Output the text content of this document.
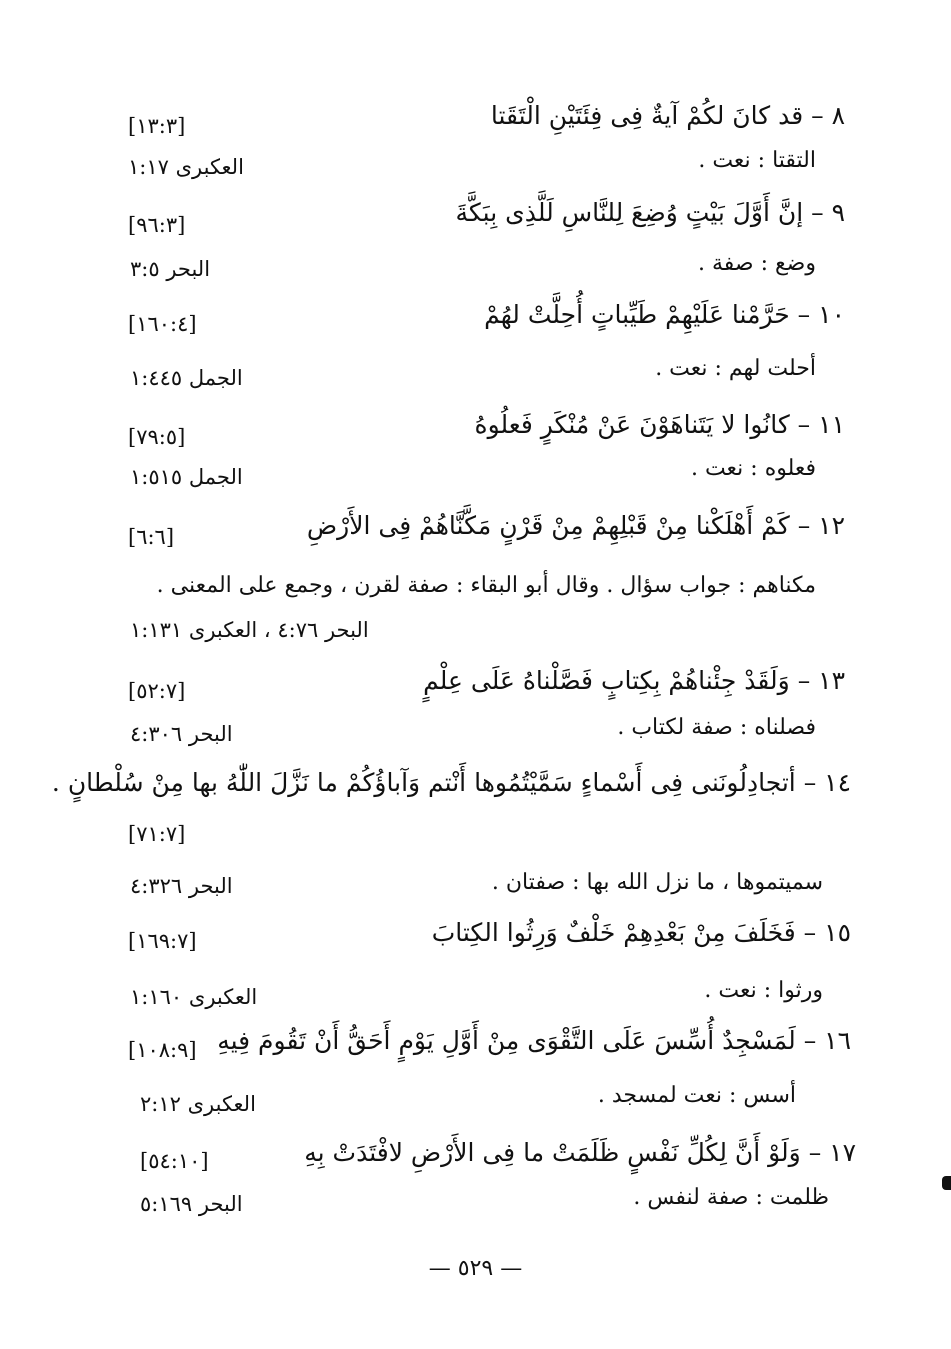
٨ – قد كانَ لكُمْ آيةٌ فِى فِئَتَيْنِ الْتَقَتا
[١٣:٣]
التقتا : نعت .
العكبرى ١:١٧
٩ – إنَّ أَوَّلَ بَيْتٍ وُضِعَ لِلنَّاسِ لَلَّذِى بِبَكَّةَ
[٩٦:٣]
وضع : صفة .
البحر ٣:٥
١٠ – حَرَّمْنا عَلَيْهِمْ طَيِّباتٍ أُحِلَّتْ لهُمْ
[١٦٠:٤]
أحلت لهم : نعت .
الجمل ١:٤٤٥
١١ – كانُوا لا يَتَناهَوْنَ عَنْ مُنْكَرٍ فَعلُوهُ
[٧٩:٥]
فعلوه : نعت .
الجمل ١:٥١٥
١٢ – كَمْ أَهْلَكْنا مِنْ قَبْلِهِمْ مِنْ قَرْنٍ مَكَّنَّاهُمْ فِى الأَرْضِ
[٦:٦]
مكناهم : جواب سؤال . وقال أبو البقاء : صفة لقرن ، وجمع على المعنى .
البحر ٤:٧٦ ، العكبرى ١:١٣١
١٣ – وَلَقَدْ جِئْناهُمْ بِكِتابٍ فَصَّلْناهُ عَلَى عِلْمٍ
[٥٢:٧]
فصلناه : صفة لكتاب .
البحر ٤:٣٠٦
١٤ – أتجادِلُونَنى فِى أَسْماءٍ سَمَّيْتُمُوها أَنْتم وَآباؤُكُمْ ما نَزَّلَ اللّٰهُ بها مِنْ سُلْطانٍ .
[٧١:٧]
سميتموها ، ما نزل الله بها : صفتان .
البحر ٤:٣٢٦
١٥ – فَخَلَفَ مِنْ بَعْدِهِمْ خَلْفٌ وَرِثُوا الكِتابَ
[١٦٩:٧]
ورثوا : نعت .
العكبرى ١:١٦٠
١٦ – لَمَسْجِدٌ أُسِّسَ عَلَى التَّقْوَى مِنْ أَوَّلِ يَوْمٍ أَحَقُّ أَنْ تَقُومَ فِيهِ
[١٠٨:٩]
أسس : نعت لمسجد .
العكبرى ٢:١٢
١٧ – وَلَوْ أَنَّ لِكُلِّ نَفْسٍ ظَلَمَتْ ما فِى الأَرْضِ لافْتَدَتْ بِهِ
[٥٤:١٠]
ظلمت : صفة لنفس .
البحر ٥:١٦٩
— ٥٢٩ —
